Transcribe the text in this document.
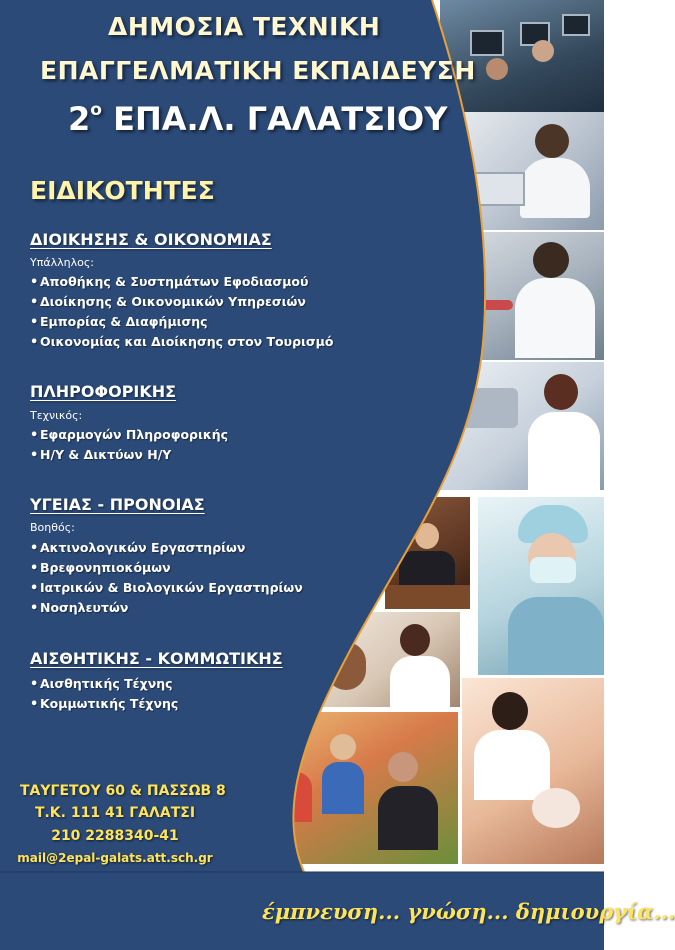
ΔΗΜΟΣΙΑ ΤΕΧΝΙΚΗ
ΕΠΑΓΓΕΛΜΑΤΙΚΗ ΕΚΠΑΙΔΕΥΣΗ
$2^o$ ΕΠΑ.Λ. ΓΑΛΑΤΣΙΟΥ
ΕΙΔΙΚΟΤΗΤΕΣ
ΔΙΟΙΚΗΣΗΣ & ΟΙΚΟΝΟΜΙΑΣ
Υπάλληλος:
• Αποθήκης & Συστημάτων Εφοδιασμού
• Διοίκησης & Οικονομικών Υπηρεσιών
• Εμπορίας & Διαφήμισης
• Οικονομίας και Διοίκησης στον Τουρισμό
ΠΛΗΡΟΦΟΡΙΚΗΣ
Τεχνικός:
• Εφαρμογών Πληροφορικής
• Η/Υ & Δικτύων Η/Υ
ΥΓΕΙΑΣ - ΠΡΟΝΟΙΑΣ
Βοηθός:
• Ακτινολογικών Εργαστηρίων
• Βρεφονηπιοκόμων
• Ιατρικών & Βιολογικών Εργαστηρίων
• Νοσηλευτών
ΑΙΣΘΗΤΙΚΗΣ - ΚΟΜΜΩΤΙΚΗΣ
• Αισθητικής Τέχνης
• Κομμωτικής Τέχνης
ΤΑΥΓΕΤΟΥ 60 & ΠΑΣΣΩΒ 8
Τ.Κ. 111 41 ΓΑΛΑΤΣΙ
210 2288340-41
mail@2epal-galats.att.sch.gr
έμπνευση... γνώση... δημιουργία...
